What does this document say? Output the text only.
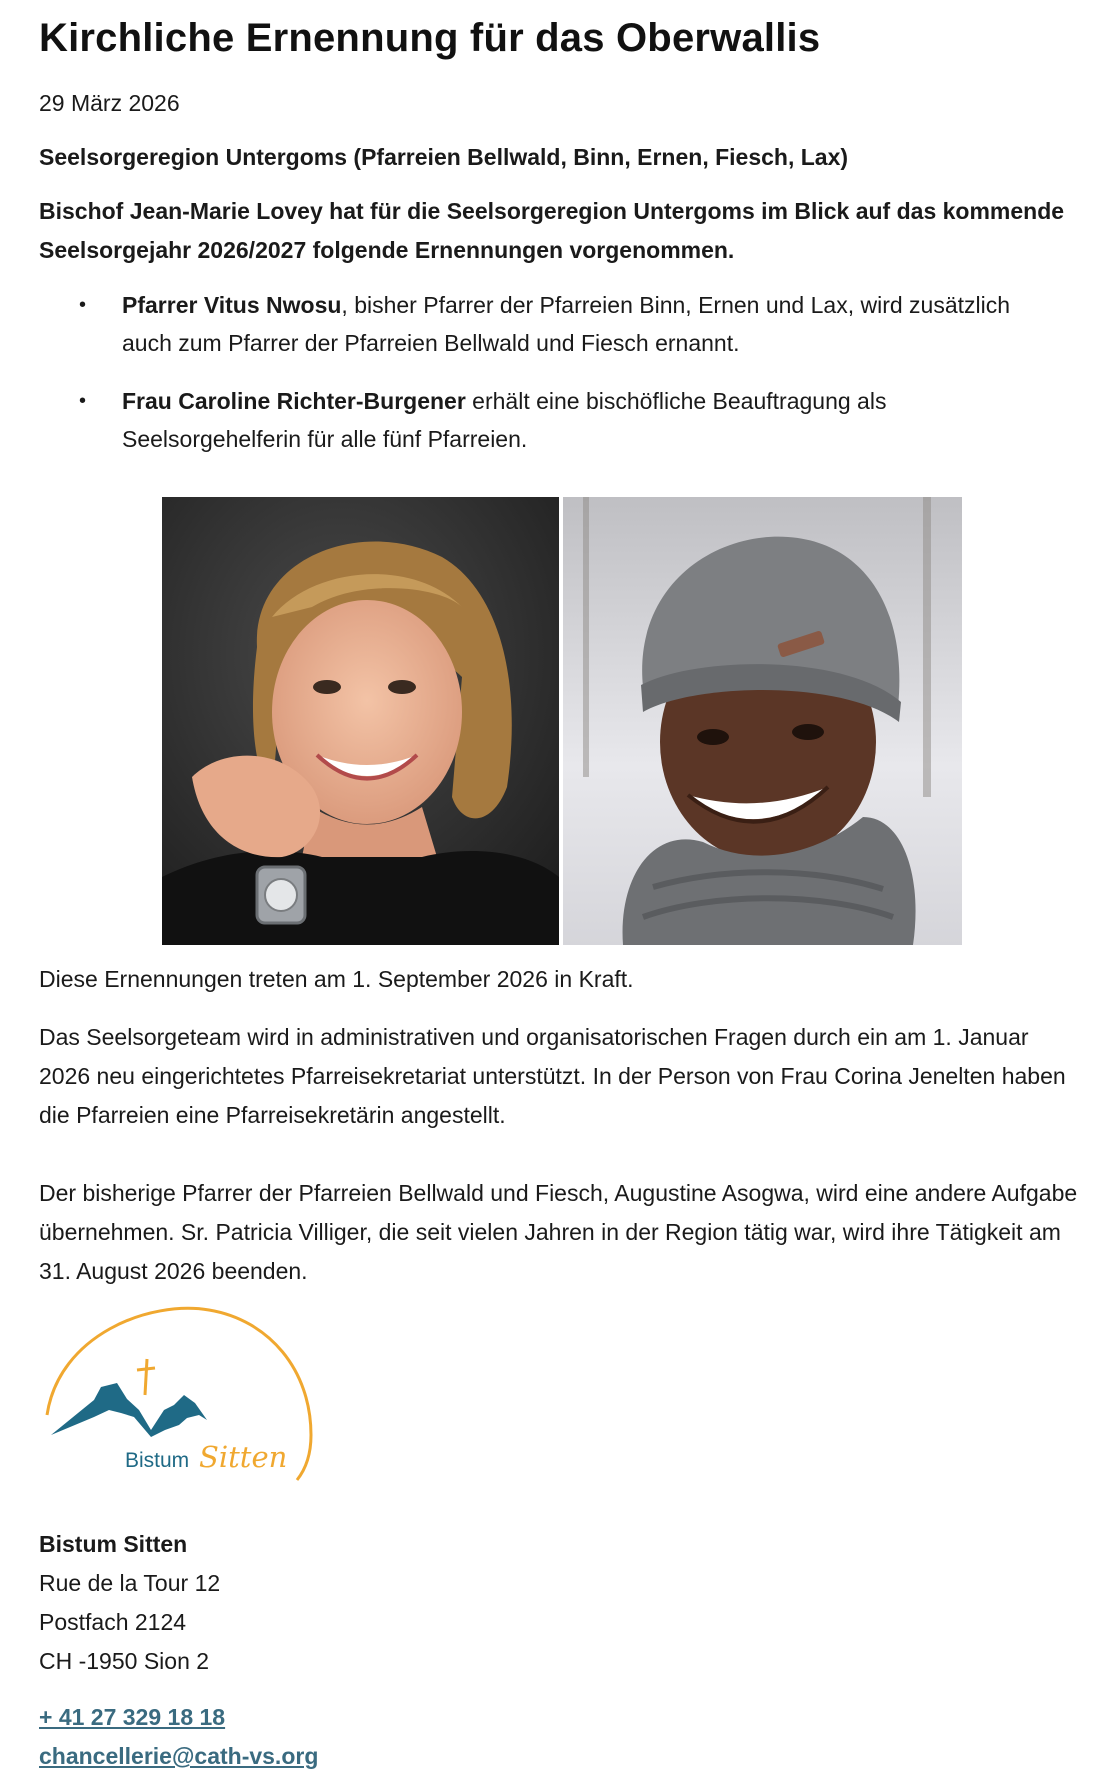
Kirchliche Ernennung für das Oberwallis
29 März 2026
Seelsorgeregion Untergoms (Pfarreien Bellwald, Binn, Ernen, Fiesch, Lax)
Bischof Jean-Marie Lovey hat für die Seelsorgeregion Untergoms im Blick auf das kommende Seelsorgejahr 2026/2027 folgende Ernennungen vorgenommen.
• Pfarrer Vitus Nwosu, bisher Pfarrer der Pfarreien Binn, Ernen und Lax, wird zusätzlich auch zum Pfarrer der Pfarreien Bellwald und Fiesch ernannt.
• Frau Caroline Richter-Burgener erhält eine bischöfliche Beauftragung als Seelsorgehelferin für alle fünf Pfarreien.
Diese Ernennungen treten am 1. September 2026 in Kraft.
Das Seelsorgeteam wird in administrativen und organisatorischen Fragen durch ein am 1. Januar 2026 neu eingerichtetes Pfarreisekretariat unterstützt. In der Person von Frau Corina Jenelten haben die Pfarreien eine Pfarreisekretärin angestellt.
Der bisherige Pfarrer der Pfarreien Bellwald und Fiesch, Augustine Asogwa, wird eine andere Aufgabe übernehmen. Sr. Patricia Villiger, die seit vielen Jahren in der Region tätig war, wird ihre Tätigkeit am 31. August 2026 beenden.
Bistum Sitten
Bistum Sitten
Rue de la Tour 12
Postfach 2124
CH -1950 Sion 2
+ 41 27 329 18 18
chancellerie@cath-vs.org
